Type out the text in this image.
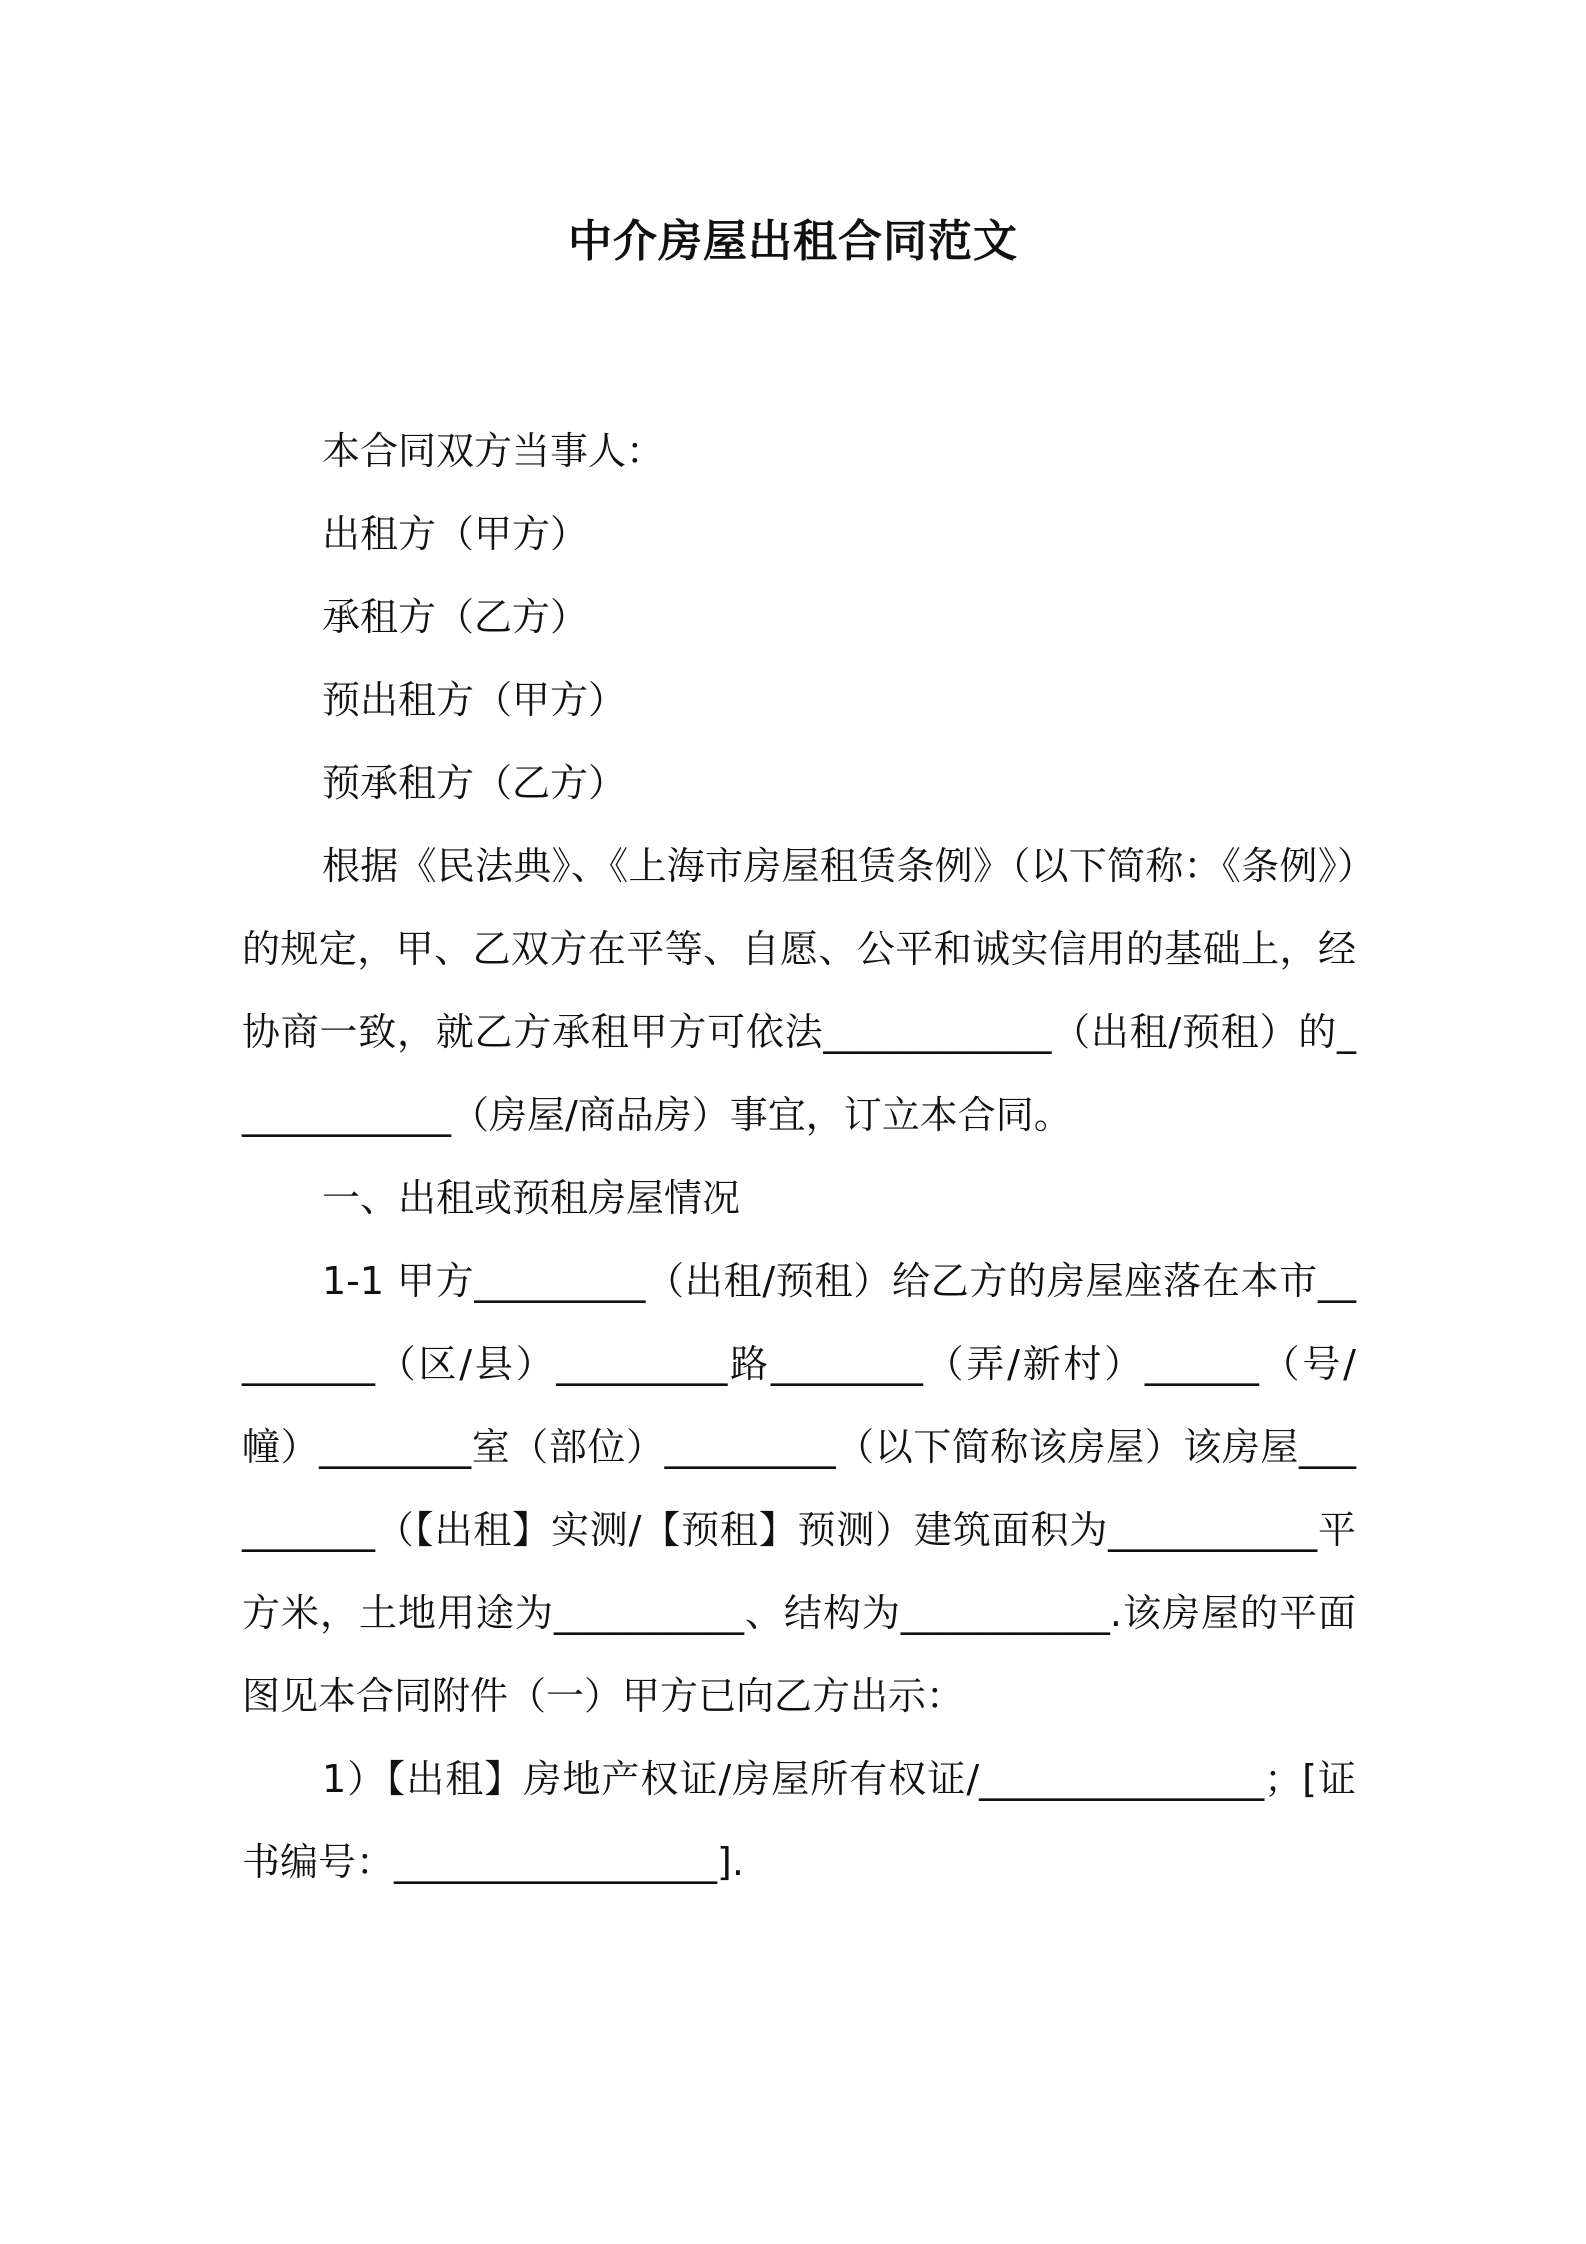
中介房屋出租合同范文

本合同双方当事人：

出租方（甲方）

承租方（乙方）

预出租方（甲方）

预承租方（乙方）

根据《民法典》、《上海市房屋租赁条例》（以下简称：《条例》）的规定，甲、乙双方在平等、自愿、公平和诚实信用的基础上，经协商一致，就乙方承租甲方可依法____________（出租/预租）的____________（房屋/商品房）事宜，订立本合同。

一、出租或预租房屋情况

1-1 甲方_________（出租/预租）给乙方的房屋座落在本市_________（区/县）_________路________（弄/新村）______（号/幢）________室（部位）_________（以下简称该房屋）该房屋__________（【出租】实测/【预租】预测）建筑面积为___________平方米，土地用途为__________、结构为___________.该房屋的平面图见本合同附件（一）甲方已向乙方出示：

1）【出租】房地产权证/房屋所有权证/_______________；[证书编号：_________________].
